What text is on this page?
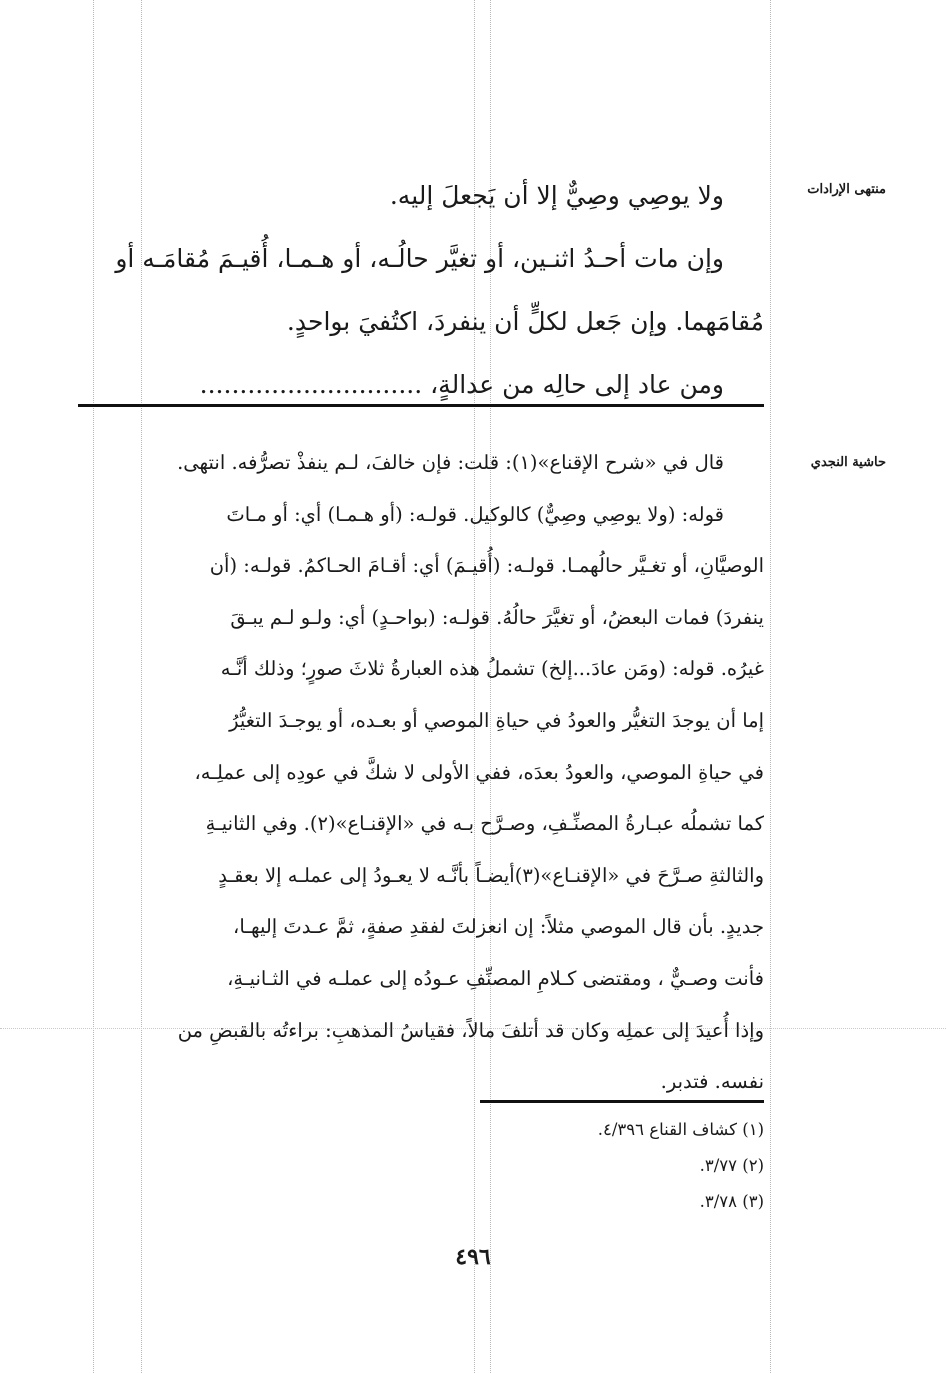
منتهى الإرادات
حاشية النجدي

ولا يوصِي وصِيٌّ إلا أن يَجعلَ إليه.

وإن مات أحـدُ اثنـين، أو تغيَّر حالُـه، أو هـمـا، أُقيـمَ مُقامَـه أو

مُقامَهما. وإن جَعل لكلٍّ أن ينفردَ، اكتُفيَ بواحدٍ.

ومن عاد إلى حالِه من عدالةٍ، ............................

قال في «شرح الإقناع»(١): قلت: فإن خالفَ، لـم ينفذْ تصرُّفه. انتهى.

قوله: (ولا يوصِي وصِيٌّ) كالوكيل. قولـه: (أو هـمـا) أي: أو مـاتَ

الوصيَّانِ، أو تغـيَّر حالُهمـا. قولـه: (أُقيـمَ) أي: أقـامَ الحـاكمُ. قولـه: (أن

ينفردَ) فمات البعضُ، أو تغيَّرَ حالُهُ. قولـه: (بواحـدٍ) أي: ولـو لـم يبـقَ

غيرُه. قوله: (ومَن عادَ...إلخ) تشملُ هذه العبارةُ ثلاثَ صورٍ؛ وذلك أنَّـه

إما أن يوجدَ التغيُّر والعودُ في حياةِ الموصي أو بعـده، أو يوجـدَ التغيُّرُ

في حياةِ الموصي، والعودُ بعدَه، ففي الأولى لا شكَّ في عودِه إلى عملِـه،

كما تشملُه عبـارةُ المصنِّـفِ، وصـرَّح بـه في «الإقنـاع»(٢). وفي الثانيـةِ

والثالثةِ صـرَّحَ في «الإقنـاع»(٣)أيضـاً بأنَّـه لا يعـودُ إلى عملـه إلا بعقـدٍ

جديدٍ. بأن قال الموصي مثلاً: إن انعزلتَ لفقدِ صفةٍ، ثمَّ عـدتَ إليهـا،

فأنت وصـيٌّ ، ومقتضى كـلامِ المصنِّفِ عـودُه إلى عملـه في الثـانيـةِ،

وإذا أُعيدَ إلى عملِه وكان قد أتلفَ مالاً، فقياسُ المذهبِ: براءتُه بالقبضِ من

نفسه. فتدبر.

(١) كشاف القناع ٤/٣٩٦.

(٢) ٣/٧٧.

(٣) ٣/٧٨.

٤٩٦
